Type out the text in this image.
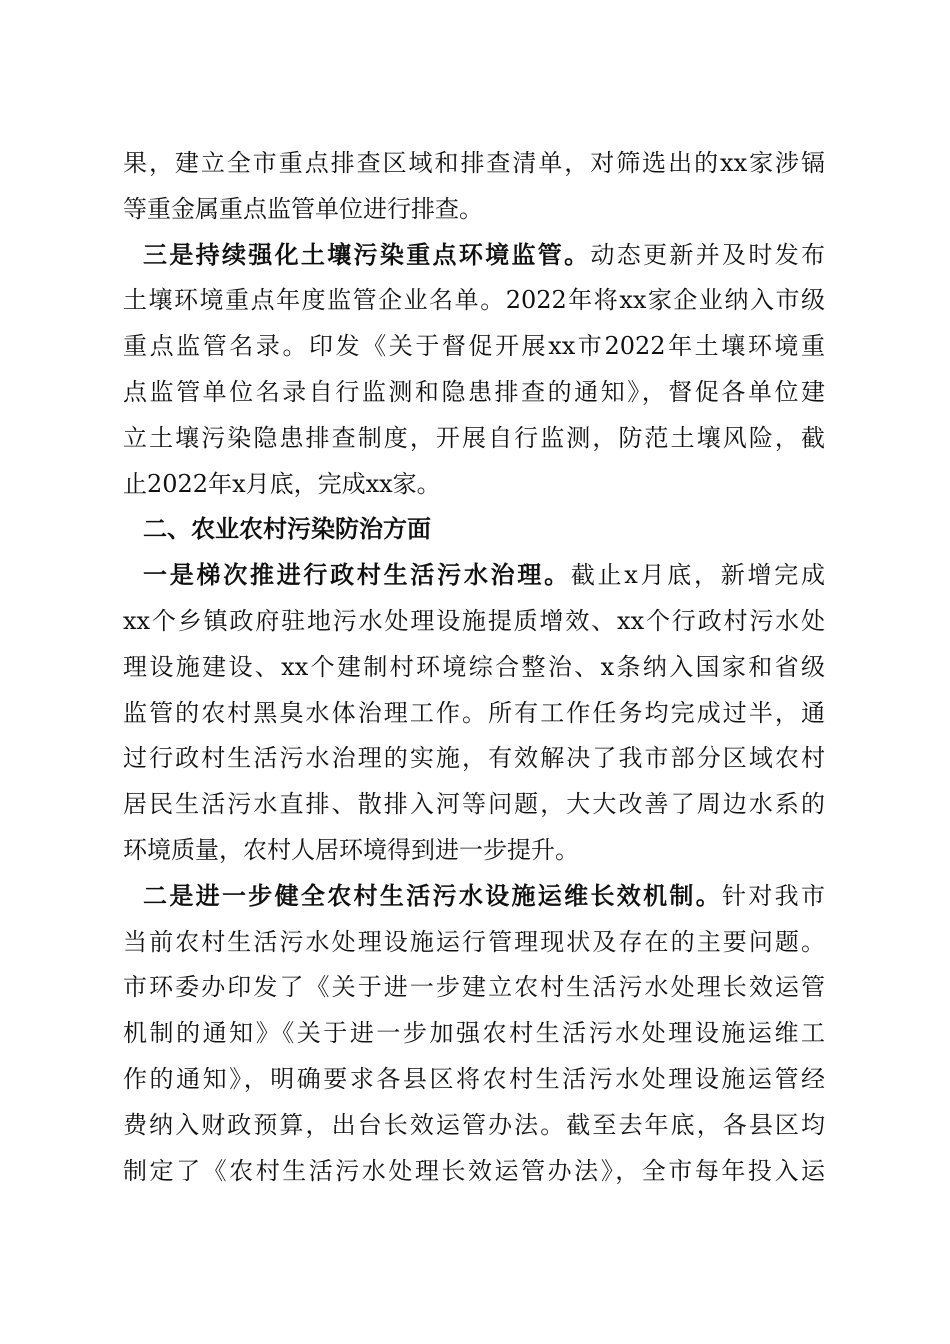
果，建立全市重点排查区域和排查清单，对筛选出的xx家涉镉
等重金属重点监管单位进行排查。
三是持续强化土壤污染重点环境监管。动态更新并及时发布
土壤环境重点年度监管企业名单。2022年将xx家企业纳入市级
重点监管名录。印发《关于督促开展xx市2022年土壤环境重
点监管单位名录自行监测和隐患排查的通知》，督促各单位建
立土壤污染隐患排查制度，开展自行监测，防范土壤风险，截
止2022年x月底，完成xx家。
二、农业农村污染防治方面
一是梯次推进行政村生活污水治理。截止x月底，新增完成
xx个乡镇政府驻地污水处理设施提质增效、xx个行政村污水处
理设施建设、xx个建制村环境综合整治、x条纳入国家和省级
监管的农村黑臭水体治理工作。所有工作任务均完成过半，通
过行政村生活污水治理的实施，有效解决了我市部分区域农村
居民生活污水直排、散排入河等问题，大大改善了周边水系的
环境质量，农村人居环境得到进一步提升。
二是进一步健全农村生活污水设施运维长效机制。针对我市
当前农村生活污水处理设施运行管理现状及存在的主要问题。
市环委办印发了《关于进一步建立农村生活污水处理长效运管
机制的通知》《关于进一步加强农村生活污水处理设施运维工
作的通知》，明确要求各县区将农村生活污水处理设施运管经
费纳入财政预算，出台长效运管办法。截至去年底，各县区均
制定了《农村生活污水处理长效运管办法》，全市每年投入运
